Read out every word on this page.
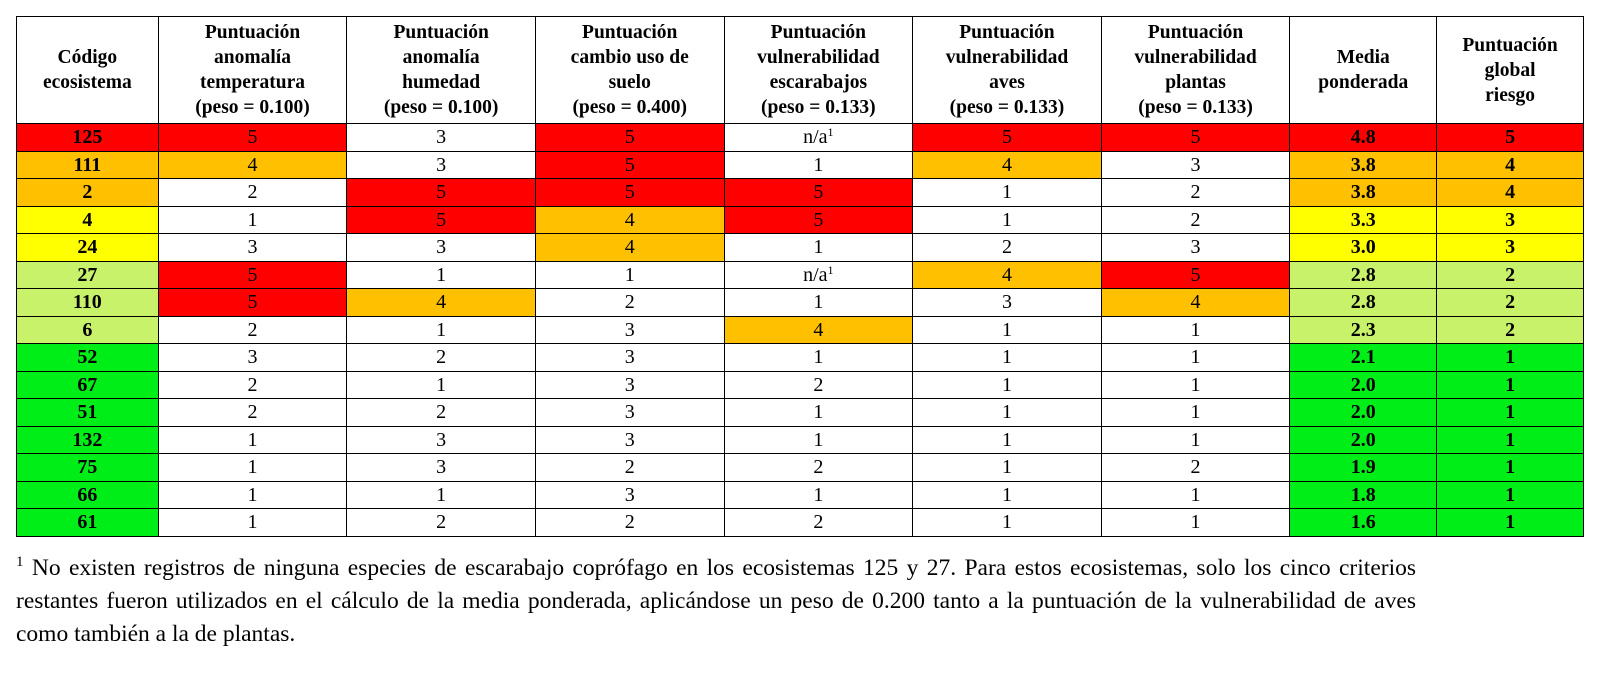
Código
ecosistema	Puntuación
anomalía
temperatura
(peso = 0.100)	Puntuación
anomalía
humedad
(peso = 0.100)	Puntuación
cambio uso de
suelo
(peso = 0.400)	Puntuación
vulnerabilidad
escarabajos
(peso = 0.133)	Puntuación
vulnerabilidad
aves
(peso = 0.133)	Puntuación
vulnerabilidad
plantas
(peso = 0.133)	Media
ponderada	Puntuación
global
riesgo
125	5	3	5	$n/a^1$	5	5	4.8	5
111	4	3	5	1	4	3	3.8	4
2	2	5	5	5	1	2	3.8	4
4	1	5	4	5	1	2	3.3	3
24	3	3	4	1	2	3	3.0	3
27	5	1	1	$n/a^1$	4	5	2.8	2
110	5	4	2	1	3	4	2.8	2
6	2	1	3	4	1	1	2.3	2
52	3	2	3	1	1	1	2.1	1
67	2	1	3	2	1	1	2.0	1
51	2	2	3	1	1	1	2.0	1
132	1	3	3	1	1	1	2.0	1
75	1	3	2	2	1	2	1.9	1
66	1	1	3	1	1	1	1.8	1
61	1	2	2	2	1	1	1.6	1

$^1$ No existen registros de ninguna especies de escarabajo coprófago en los ecosistemas 125 y 27. Para estos ecosistemas, solo los cinco criterios restantes fueron utilizados en el cálculo de la media ponderada, aplicándose un peso de 0.200 tanto a la puntuación de la vulnerabilidad de aves como también a la de plantas.
